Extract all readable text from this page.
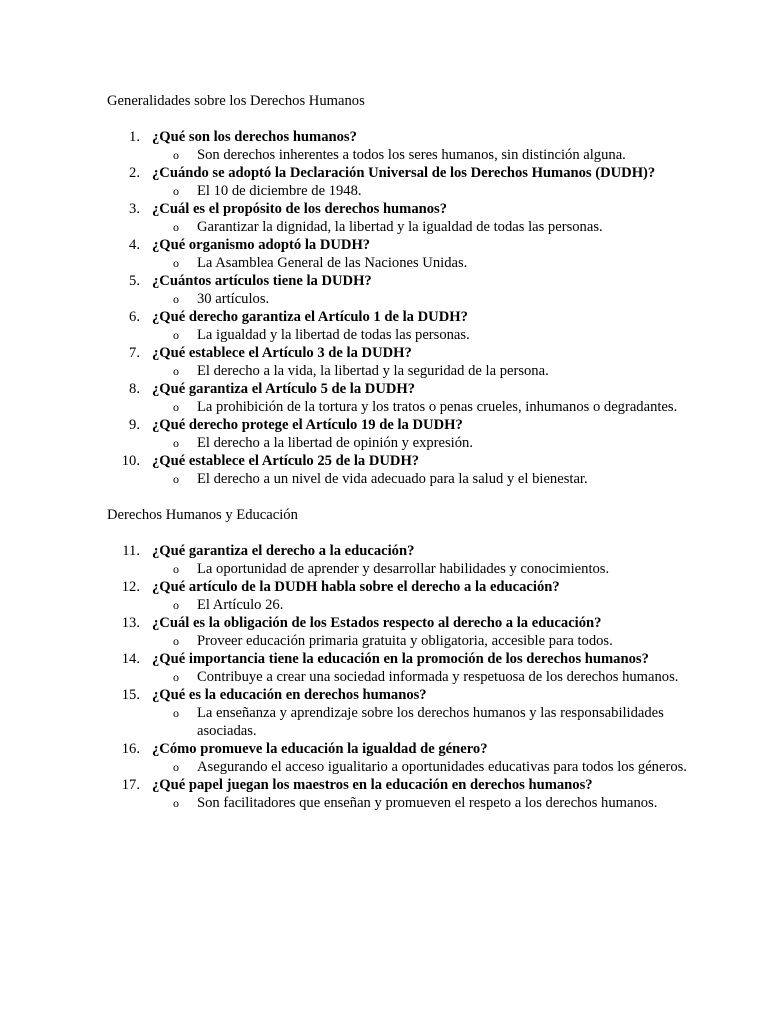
Generalidades sobre los Derechos Humanos
1. ¿Qué son los derechos humanos?
o Son derechos inherentes a todos los seres humanos, sin distinción alguna.
2. ¿Cuándo se adoptó la Declaración Universal de los Derechos Humanos (DUDH)?
o El 10 de diciembre de 1948.
3. ¿Cuál es el propósito de los derechos humanos?
o Garantizar la dignidad, la libertad y la igualdad de todas las personas.
4. ¿Qué organismo adoptó la DUDH?
o La Asamblea General de las Naciones Unidas.
5. ¿Cuántos artículos tiene la DUDH?
o 30 artículos.
6. ¿Qué derecho garantiza el Artículo 1 de la DUDH?
o La igualdad y la libertad de todas las personas.
7. ¿Qué establece el Artículo 3 de la DUDH?
o El derecho a la vida, la libertad y la seguridad de la persona.
8. ¿Qué garantiza el Artículo 5 de la DUDH?
o La prohibición de la tortura y los tratos o penas crueles, inhumanos o degradantes.
9. ¿Qué derecho protege el Artículo 19 de la DUDH?
o El derecho a la libertad de opinión y expresión.
10. ¿Qué establece el Artículo 25 de la DUDH?
o El derecho a un nivel de vida adecuado para la salud y el bienestar.
Derechos Humanos y Educación
11. ¿Qué garantiza el derecho a la educación?
o La oportunidad de aprender y desarrollar habilidades y conocimientos.
12. ¿Qué artículo de la DUDH habla sobre el derecho a la educación?
o El Artículo 26.
13. ¿Cuál es la obligación de los Estados respecto al derecho a la educación?
o Proveer educación primaria gratuita y obligatoria, accesible para todos.
14. ¿Qué importancia tiene la educación en la promoción de los derechos humanos?
o Contribuye a crear una sociedad informada y respetuosa de los derechos humanos.
15. ¿Qué es la educación en derechos humanos?
o La enseñanza y aprendizaje sobre los derechos humanos y las responsabilidades asociadas.
16. ¿Cómo promueve la educación la igualdad de género?
o Asegurando el acceso igualitario a oportunidades educativas para todos los géneros.
17. ¿Qué papel juegan los maestros en la educación en derechos humanos?
o Son facilitadores que enseñan y promueven el respeto a los derechos humanos.
